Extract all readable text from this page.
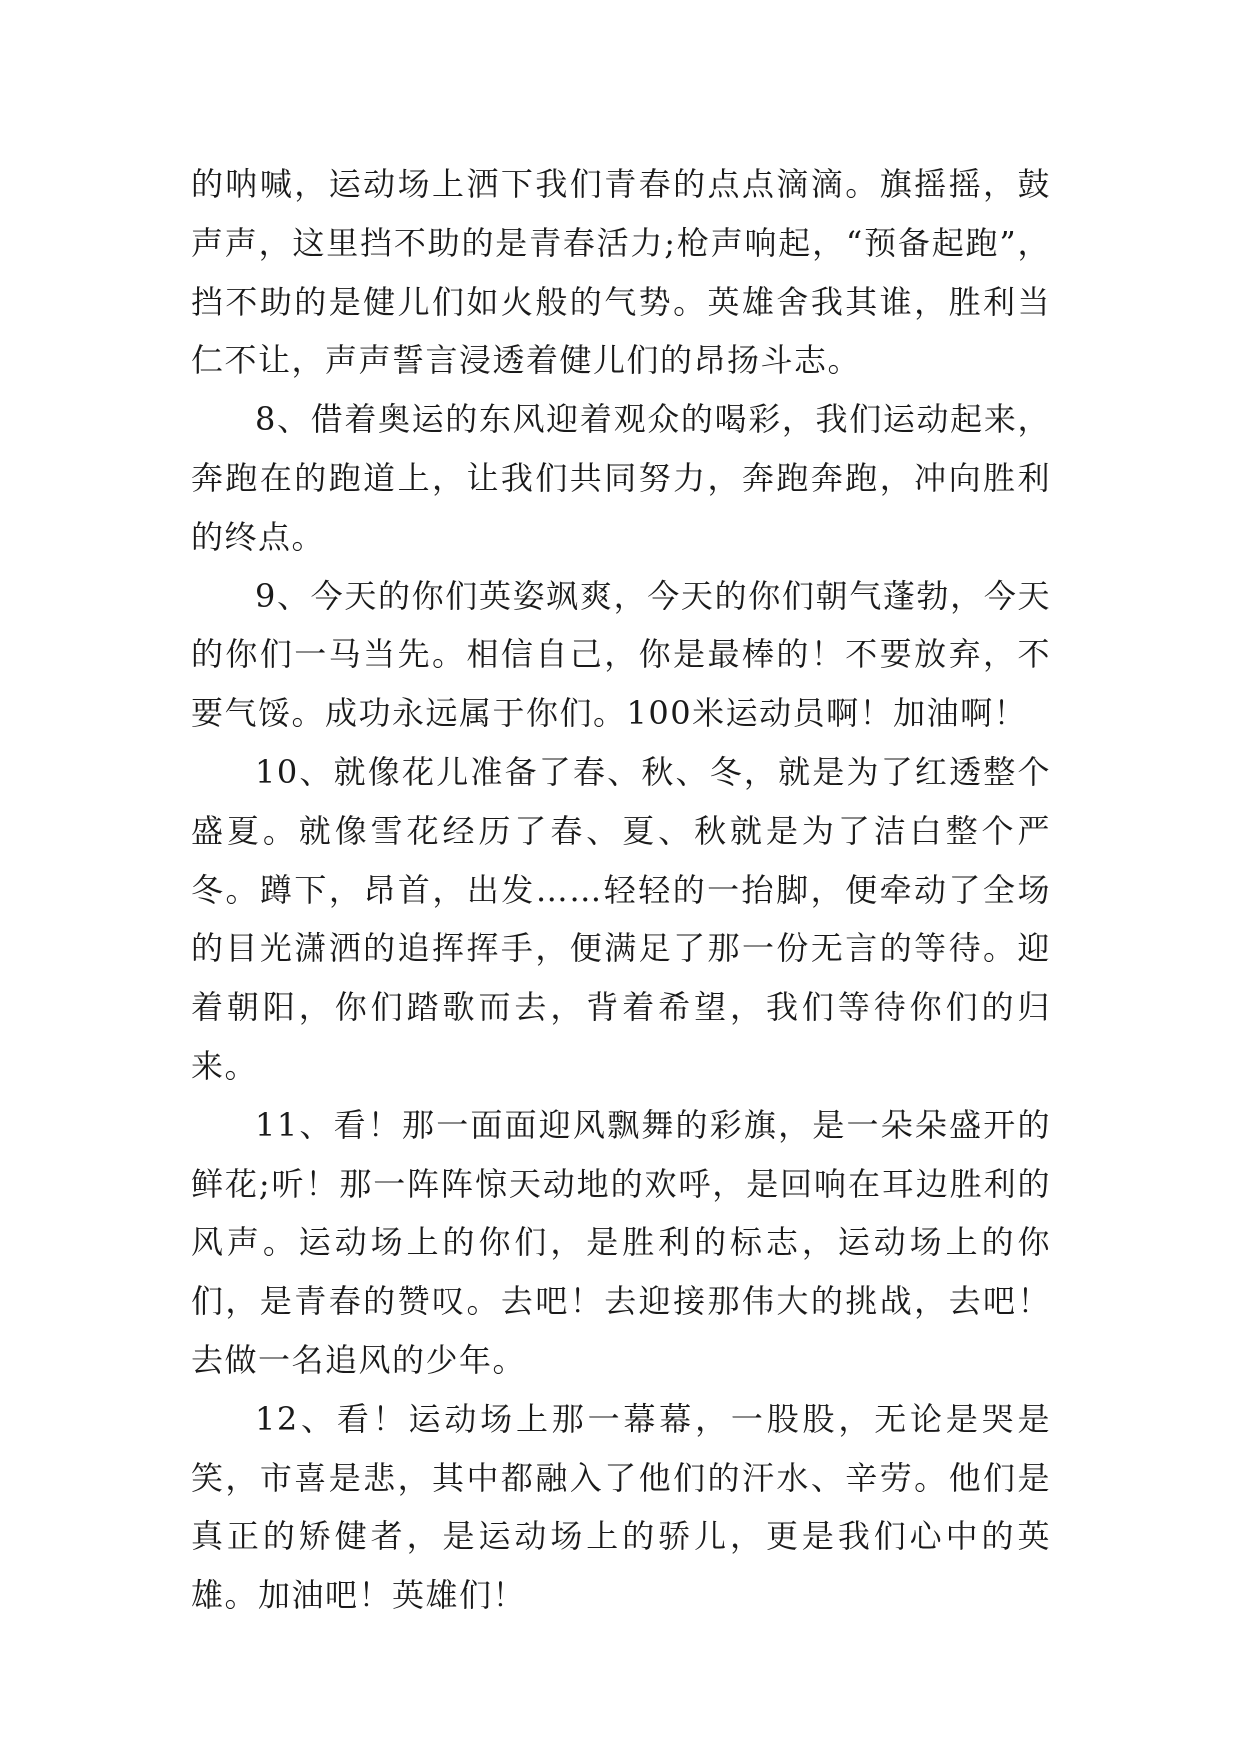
的呐喊，运动场上洒下我们青春的点点滴滴。旗摇摇，鼓声声，这里挡不助的是青春活力;枪声响起，“预备起跑”，挡不助的是健儿们如火般的气势。英雄舍我其谁，胜利当仁不让，声声誓言浸透着健儿们的昂扬斗志。

8、借着奥运的东风迎着观众的喝彩，我们运动起来，奔跑在的跑道上，让我们共同努力，奔跑奔跑，冲向胜利的终点。

9、今天的你们英姿飒爽，今天的你们朝气蓬勃，今天的你们一马当先。相信自己，你是最棒的！不要放弃，不要气馁。成功永远属于你们。100米运动员啊！加油啊！

10、就像花儿准备了春、秋、冬，就是为了红透整个盛夏。就像雪花经历了春、夏、秋就是为了洁白整个严冬。蹲下，昂首，出发……轻轻的一抬脚，便牵动了全场的目光潇洒的追挥挥手，便满足了那一份无言的等待。迎着朝阳，你们踏歌而去，背着希望，我们等待你们的归来。

11、看！那一面面迎风飘舞的彩旗，是一朵朵盛开的鲜花;听！那一阵阵惊天动地的欢呼，是回响在耳边胜利的风声。运动场上的你们，是胜利的标志，运动场上的你们，是青春的赞叹。去吧！去迎接那伟大的挑战，去吧！去做一名追风的少年。

12、看！运动场上那一幕幕，一股股，无论是哭是笑，市喜是悲，其中都融入了他们的汗水、辛劳。他们是真正的矫健者，是运动场上的骄儿，更是我们心中的英雄。加油吧！英雄们！
